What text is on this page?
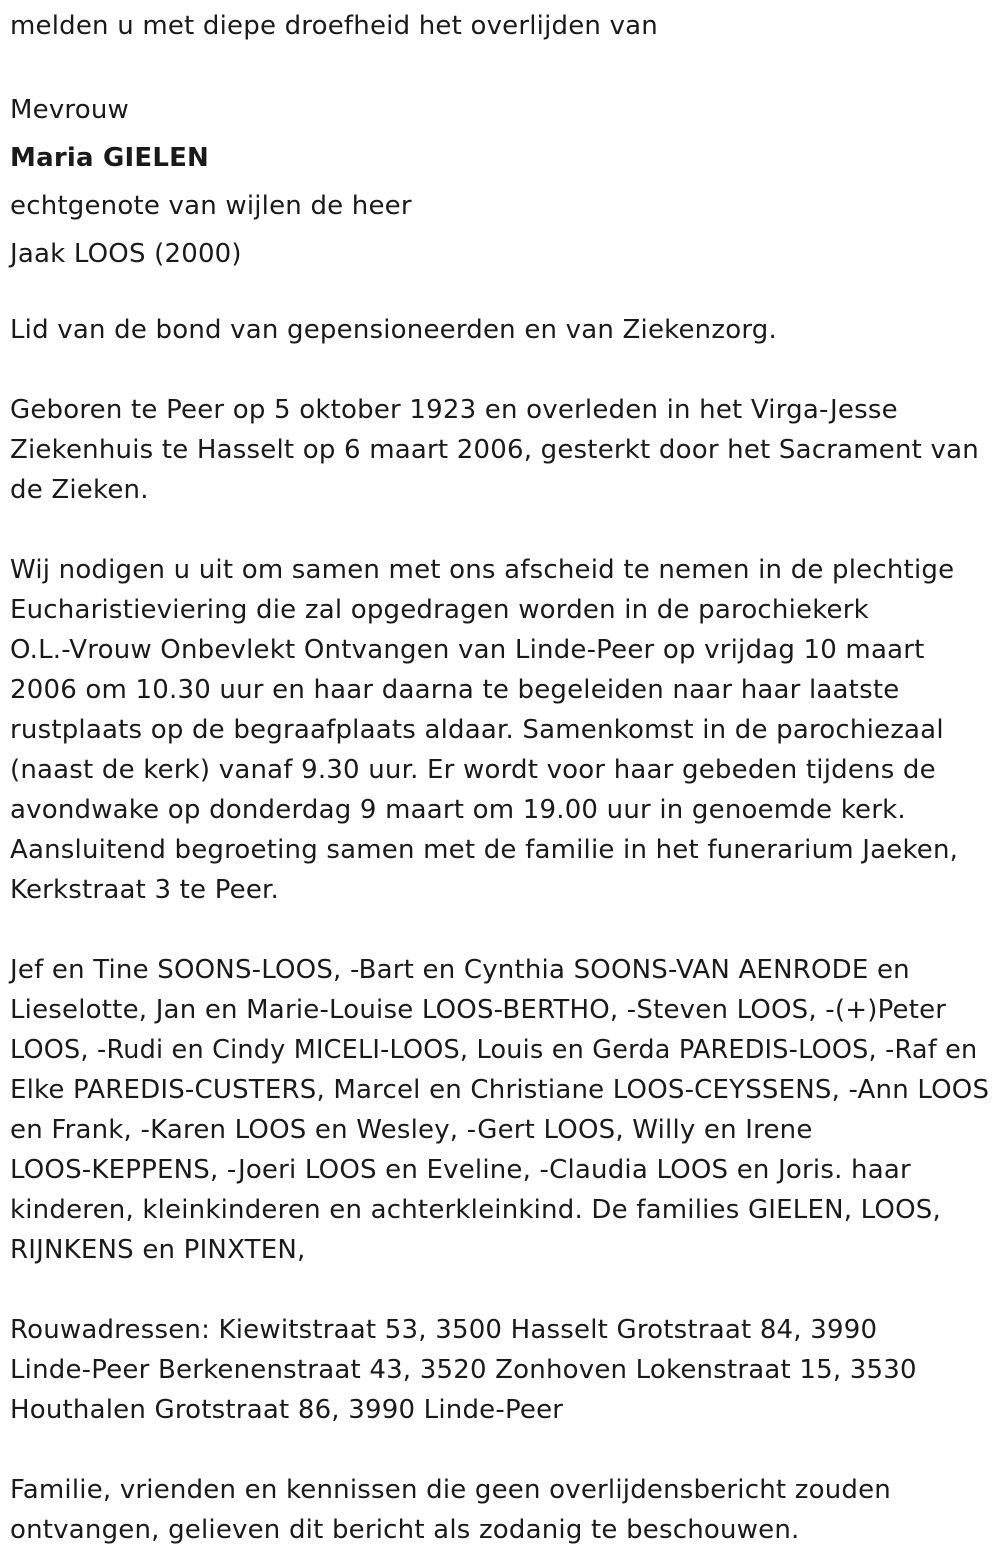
melden u met diepe droefheid het overlijden van

Mevrouw

Maria GIELEN

echtgenote van wijlen de heer

Jaak LOOS (2000)

Lid van de bond van gepensioneerden en van Ziekenzorg.

Geboren te Peer op 5 oktober 1923 en overleden in het Virga-Jesse

Ziekenhuis te Hasselt op 6 maart 2006, gesterkt door het Sacrament van

de Zieken.

Wij nodigen u uit om samen met ons afscheid te nemen in de plechtige

Eucharistieviering die zal opgedragen worden in de parochiekerk

O.L.-Vrouw Onbevlekt Ontvangen van Linde-Peer op vrijdag 10 maart

2006 om 10.30 uur en haar daarna te begeleiden naar haar laatste

rustplaats op de begraafplaats aldaar. Samenkomst in de parochiezaal

(naast de kerk) vanaf 9.30 uur. Er wordt voor haar gebeden tijdens de

avondwake op donderdag 9 maart om 19.00 uur in genoemde kerk.

Aansluitend begroeting samen met de familie in het funerarium Jaeken,

Kerkstraat 3 te Peer.

Jef en Tine SOONS-LOOS, -Bart en Cynthia SOONS-VAN AENRODE en

Lieselotte, Jan en Marie-Louise LOOS-BERTHO, -Steven LOOS, -(+)Peter

LOOS, -Rudi en Cindy MICELI-LOOS, Louis en Gerda PAREDIS-LOOS, -Raf en

Elke PAREDIS-CUSTERS, Marcel en Christiane LOOS-CEYSSENS, -Ann LOOS

en Frank, -Karen LOOS en Wesley, -Gert LOOS, Willy en Irene

LOOS-KEPPENS, -Joeri LOOS en Eveline, -Claudia LOOS en Joris. haar

kinderen, kleinkinderen en achterkleinkind. De families GIELEN, LOOS,

RIJNKENS en PINXTEN,

Rouwadressen: Kiewitstraat 53, 3500 Hasselt Grotstraat 84, 3990

Linde-Peer Berkenenstraat 43, 3520 Zonhoven Lokenstraat 15, 3530

Houthalen Grotstraat 86, 3990 Linde-Peer

Familie, vrienden en kennissen die geen overlijdensbericht zouden

ontvangen, gelieven dit bericht als zodanig te beschouwen.
